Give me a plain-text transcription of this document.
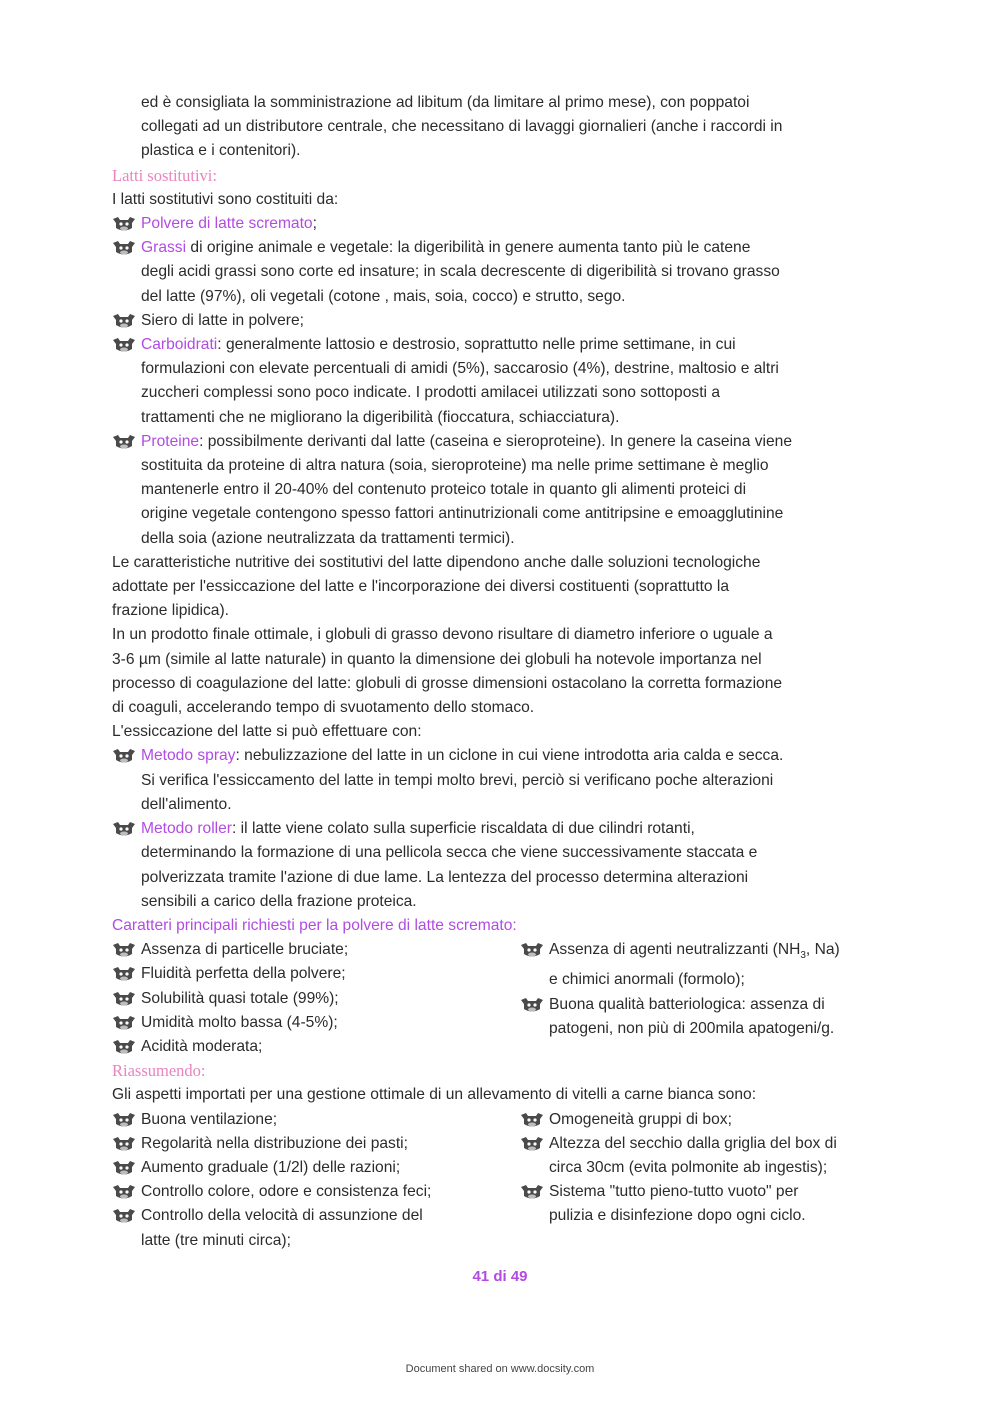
ed è consigliata la somministrazione ad libitum (da limitare al primo mese), con poppatoi
collegati ad un distributore centrale, che necessitano di lavaggi giornalieri (anche i raccordi in
plastica e i contenitori).

Latti sostitutivi:

I latti sostitutivi sono costituiti da:

Polvere di latte scremato;
Grassi di origine animale e vegetale: la digeribilità in genere aumenta tanto più le catene
degli acidi grassi sono corte ed insature; in scala decrescente di digeribilità si trovano grasso
del latte (97%), oli vegetali (cotone , mais, soia, cocco) e strutto, sego.
Siero di latte in polvere;
Carboidrati: generalmente lattosio e destrosio, soprattutto nelle prime settimane, in cui
formulazioni con elevate percentuali di amidi (5%), saccarosio (4%), destrine, maltosio e altri
zuccheri complessi sono poco indicate. I prodotti amilacei utilizzati sono sottoposti a
trattamenti che ne migliorano la digeribilità (fioccatura, schiacciatura).
Proteine: possibilmente derivanti dal latte (caseina e sieroproteine). In genere la caseina viene
sostituita da proteine di altra natura (soia, sieroproteine) ma nelle prime settimane è meglio
mantenerle entro il 20-40% del contenuto proteico totale in quanto gli alimenti proteici di
origine vegetale contengono spesso fattori antinutrizionali come antitripsine e emoagglutinine
della soia (azione neutralizzata da trattamenti termici).
Le caratteristiche nutritive dei sostitutivi del latte dipendono anche dalle soluzioni tecnologiche
adottate per l'essiccazione del latte e l'incorporazione dei diversi costituenti (soprattutto la
frazione lipidica).
In un prodotto finale ottimale, i globuli di grasso devono risultare di diametro inferiore o uguale a
3-6 µm (simile al latte naturale) in quanto la dimensione dei globuli ha notevole importanza nel
processo di coagulazione del latte: globuli di grosse dimensioni ostacolano la corretta formazione
di coaguli, accelerando tempo di svuotamento dello stomaco.

L'essiccazione del latte si può effettuare con:

Metodo spray: nebulizzazione del latte in un ciclone in cui viene introdotta aria calda e secca.
Si verifica l'essiccamento del latte in tempi molto brevi, perciò si verificano poche alterazioni
dell'alimento.
Metodo roller: il latte viene colato sulla superficie riscaldata di due cilindri rotanti,
determinando la formazione di una pellicola secca che viene successivamente staccata e
polverizzata tramite l'azione di due lame. La lentezza del processo determina alterazioni
sensibili a carico della frazione proteica.

Caratteri principali richiesti per la polvere di latte scremato:

Assenza di particelle bruciate;
Fluidità perfetta della polvere;
Solubilità quasi totale (99%);
Umidità molto bassa (4-5%);
Acidità moderata;
Assenza di agenti neutralizzanti ($NH_3$, Na)
e chimici anormali (formolo);
Buona qualità batteriologica: assenza di
patogeni, non più di 200mila apatogeni/g.

Riassumendo:

Gli aspetti importati per una gestione ottimale di un allevamento di vitelli a carne bianca sono:

Buona ventilazione;
Regolarità nella distribuzione dei pasti;
Aumento graduale (1/2l) delle razioni;
Controllo colore, odore e consistenza feci;
Controllo della velocità di assunzione del
latte (tre minuti circa);
Omogeneità gruppi di box;
Altezza del secchio dalla griglia del box di
circa 30cm (evita polmonite ab ingestis);
Sistema "tutto pieno-tutto vuoto" per
pulizia e disinfezione dopo ogni ciclo.
41 di 49
Document shared on www.docsity.com
